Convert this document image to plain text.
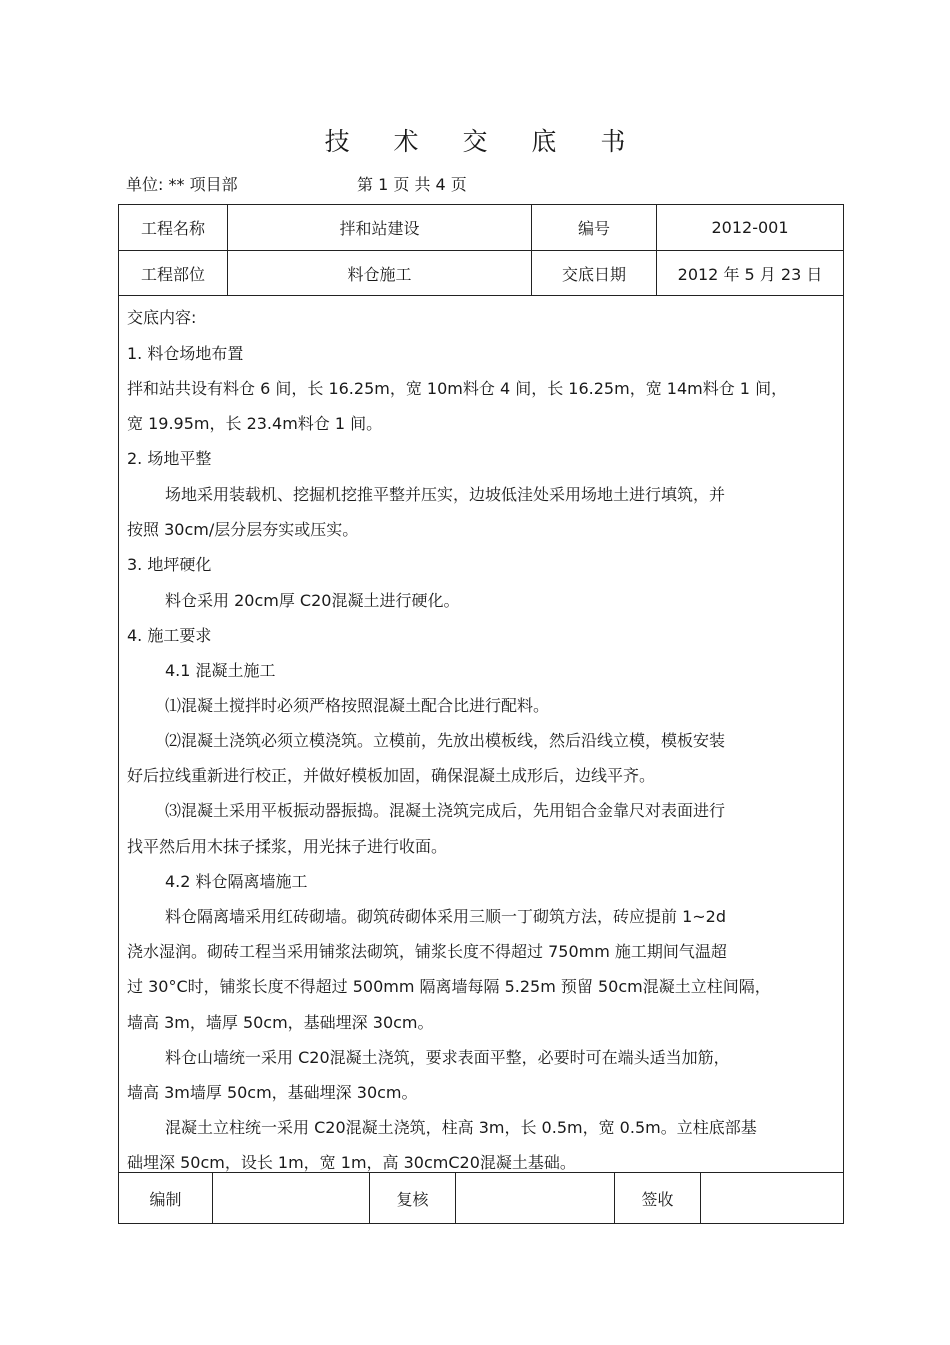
技 术 交 底 书
单位: ** 项目部	第 1 页 共 4 页
工程名称	拌和站建设	编号	2012-001
工程部位	料仓施工	交底日期	2012 年 5 月 23 日
交底内容:
1. 料仓场地布置
拌和站共设有料仓 6 间，长 16.25m，宽 10m料仓 4 间，长 16.25m，宽 14m料仓 1 间，
宽 19.95m，长 23.4m料仓 1 间。
2. 场地平整
场地采用装载机、挖掘机挖推平整并压实，边坡低洼处采用场地土进行填筑，并
按照 30cm/层分层夯实或压实。
3. 地坪硬化
料仓采用 20cm厚 C20混凝土进行硬化。
4. 施工要求
4.1 混凝土施工
⑴混凝土搅拌时必须严格按照混凝土配合比进行配料。
⑵混凝土浇筑必须立模浇筑。立模前，先放出模板线，然后沿线立模，模板安装
好后拉线重新进行校正，并做好模板加固，确保混凝土成形后，边线平齐。
⑶混凝土采用平板振动器振捣。混凝土浇筑完成后，先用铝合金靠尺对表面进行
找平然后用木抹子揉浆，用光抹子进行收面。
4.2 料仓隔离墙施工
料仓隔离墙采用红砖砌墙。砌筑砖砌体采用三顺一丁砌筑方法，砖应提前 1~2d
浇水湿润。砌砖工程当采用铺浆法砌筑，铺浆长度不得超过 750mm 施工期间气温超
过 30°C时，铺浆长度不得超过 500mm 隔离墙每隔 5.25m 预留 50cm混凝土立柱间隔，
墙高 3m，墙厚 50cm，基础埋深 30cm。
料仓山墙统一采用 C20混凝土浇筑，要求表面平整，必要时可在端头适当加筋，
墙高 3m墙厚 50cm，基础埋深 30cm。
混凝土立柱统一采用 C20混凝土浇筑，柱高 3m，长 0.5m，宽 0.5m。立柱底部基
础埋深 50cm，设长 1m，宽 1m，高 30cmC20混凝土基础。
编制	复核	签收
